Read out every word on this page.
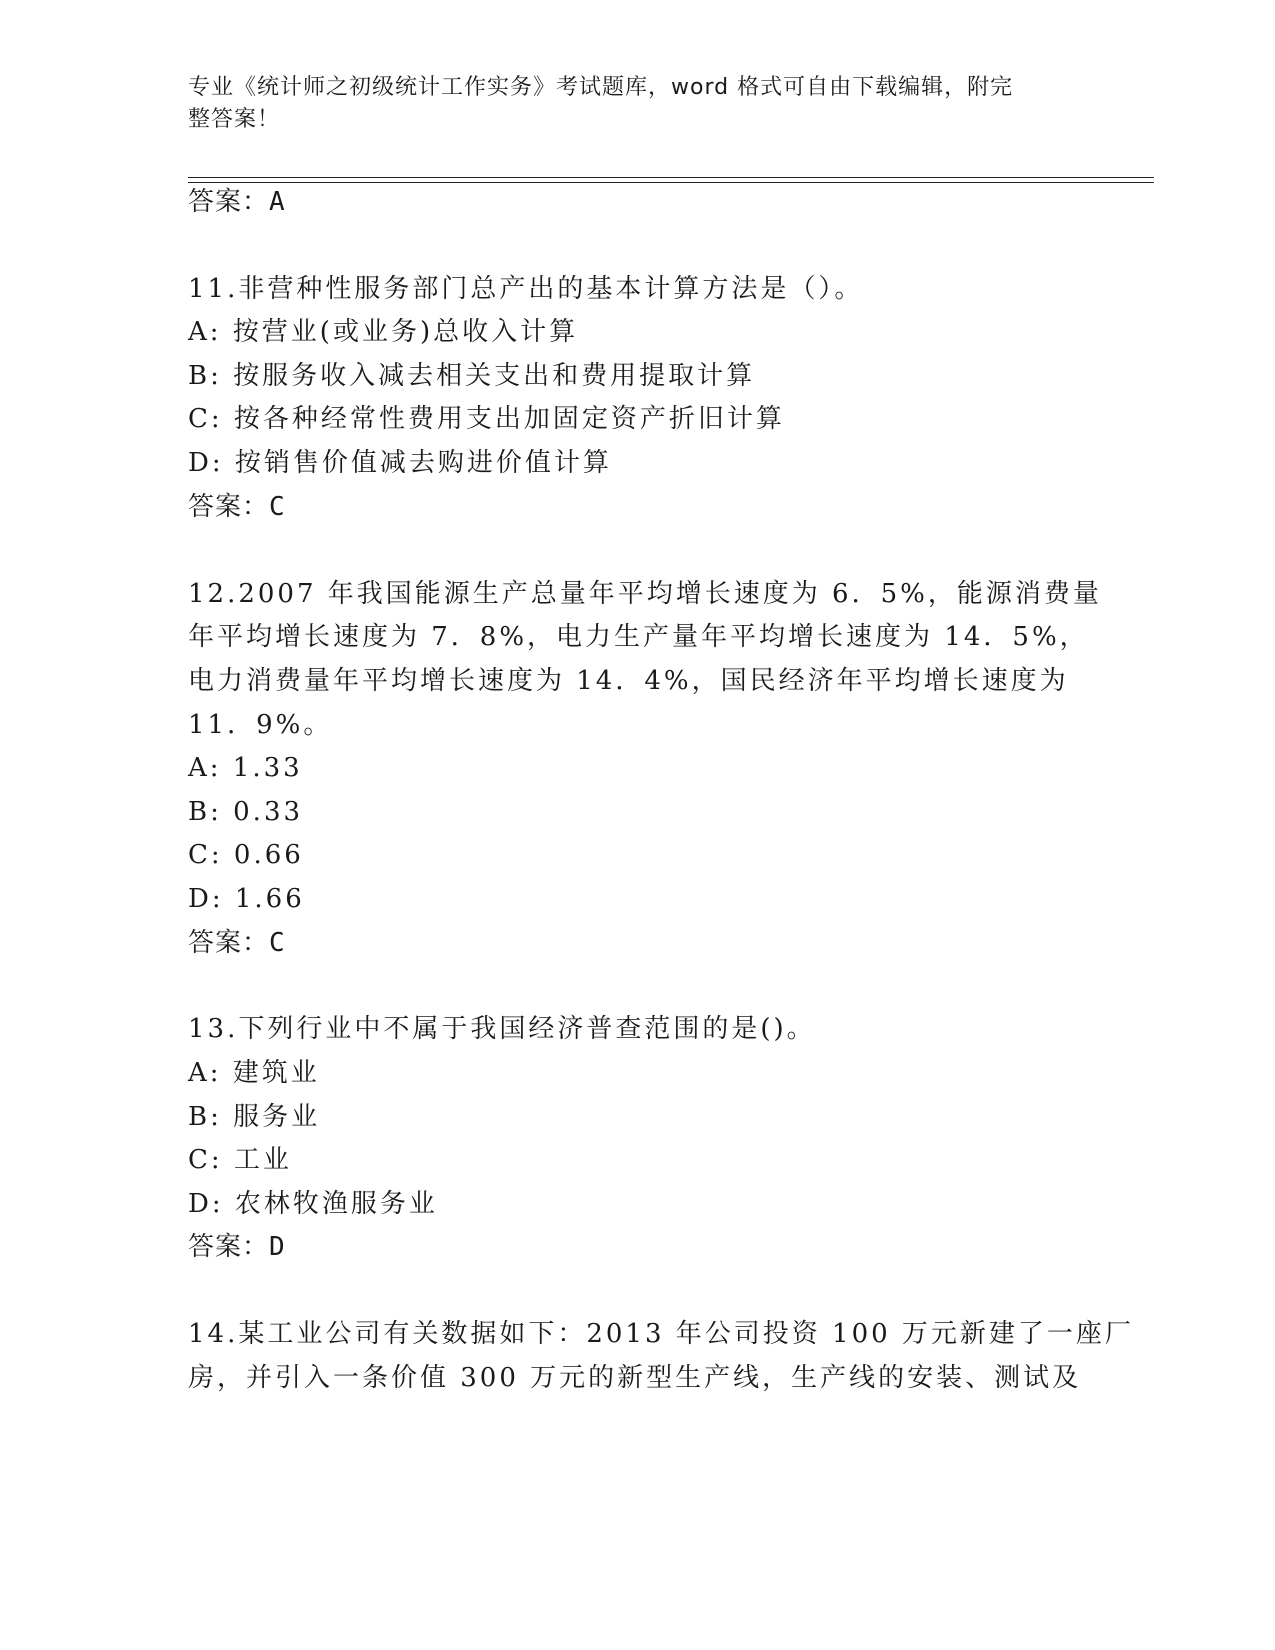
专业《统计师之初级统计工作实务》考试题库，word 格式可自由下载编辑，附完
整答案！
答案：A
11.非营种性服务部门总产出的基本计算方法是（）。
A: 按营业(或业务)总收入计算
B: 按服务收入减去相关支出和费用提取计算
C: 按各种经常性费用支出加固定资产折旧计算
D: 按销售价值减去购进价值计算
答案：C
12.2007 年我国能源生产总量年平均增长速度为 6．5%，能源消费量
年平均增长速度为 7．8%，电力生产量年平均增长速度为 14．5%，
电力消费量年平均增长速度为 14．4%，国民经济年平均增长速度为
11．9%。
A: 1.33
B: 0.33
C: 0.66
D: 1.66
答案：C
13.下列行业中不属于我国经济普查范围的是()。
A: 建筑业
B: 服务业
C: 工业
D: 农林牧渔服务业
答案：D
14.某工业公司有关数据如下：2013 年公司投资 100 万元新建了一座厂
房，并引入一条价值 300 万元的新型生产线，生产线的安装、测试及
